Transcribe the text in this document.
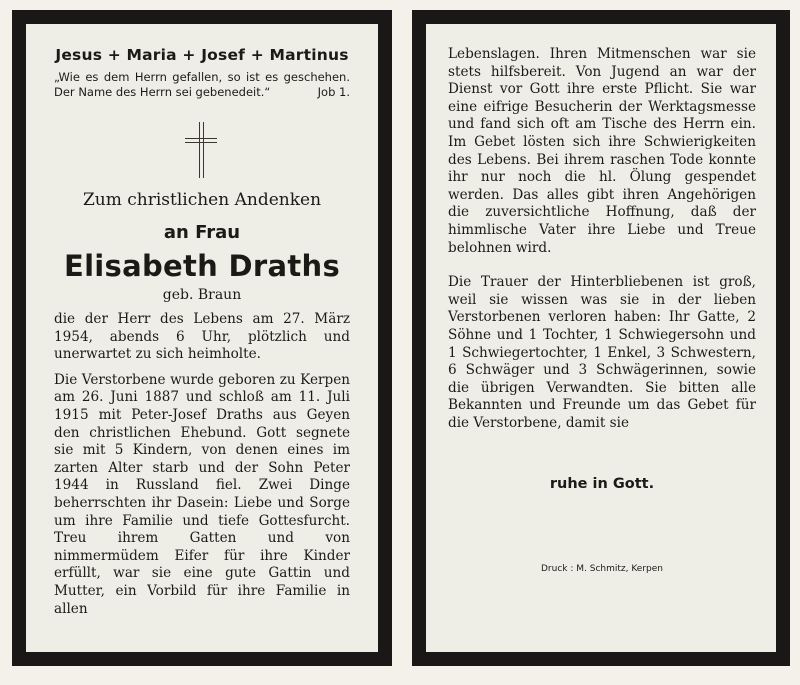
Jesus + Maria + Josef + Martinus

„Wie es dem Herrn gefallen, so ist es geschehen. Der Name des Herrn sei gebenedeit.“	Job 1.

Zum christlichen Andenken

an Frau

Elisabeth Draths

geb. Braun

die der Herr des Lebens am 27. März 1954, abends 6 Uhr, plötzlich und unerwartet zu sich heimholte.

Die Verstorbene wurde geboren zu Kerpen am 26. Juni 1887 und schloß am 11. Juli 1915 mit Peter-Josef Draths aus Geyen den christlichen Ehebund. Gott segnete sie mit 5 Kindern, von denen eines im zarten Alter starb und der Sohn Peter 1944 in Russland fiel. Zwei Dinge beherrschten ihr Dasein: Liebe und Sorge um ihre Familie und tiefe Gottesfurcht. Treu ihrem Gatten und von nimmermüdem Eifer für ihre Kinder erfüllt, war sie eine gute Gattin und Mutter, ein Vorbild für ihre Familie in allen

Lebenslagen. Ihren Mitmenschen war sie stets hilfsbereit. Von Jugend an war der Dienst vor Gott ihre erste Pflicht. Sie war eine eifrige Besucherin der Werktagsmesse und fand sich oft am Tische des Herrn ein. Im Gebet lösten sich ihre Schwierigkeiten des Lebens. Bei ihrem raschen Tode konnte ihr nur noch die hl. Ölung gespendet werden. Das alles gibt ihren Angehörigen die zuversichtliche Hoffnung, daß der himmlische Vater ihre Liebe und Treue belohnen wird.

Die Trauer der Hinterbliebenen ist groß, weil sie wissen was sie in der lieben Verstorbenen verloren haben: Ihr Gatte, 2 Söhne und 1 Tochter, 1 Schwiegersohn und 1 Schwiegertochter, 1 Enkel, 3 Schwestern, 6 Schwäger und 3 Schwägerinnen, sowie die übrigen Verwandten. Sie bitten alle Bekannten und Freunde um das Gebet für die Verstorbene, damit sie

ruhe in Gott.

Druck : M. Schmitz, Kerpen
